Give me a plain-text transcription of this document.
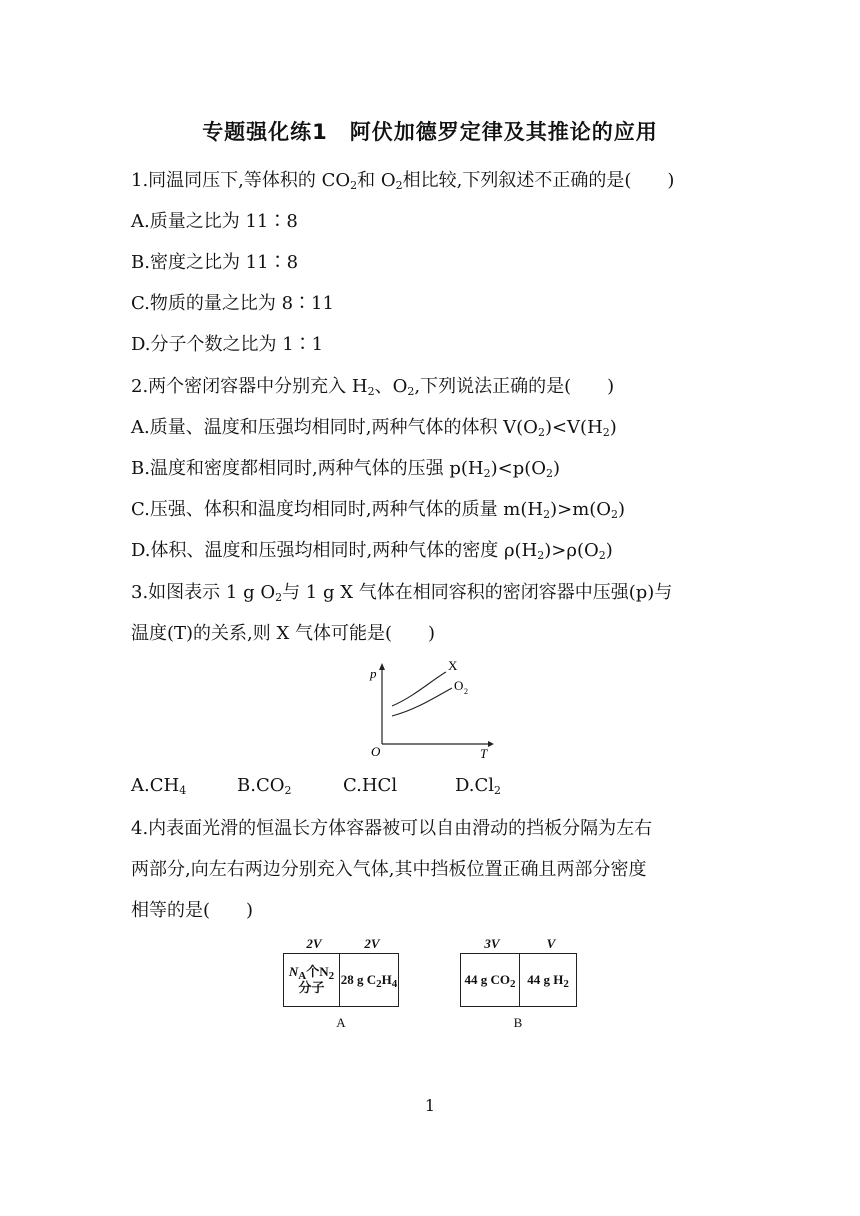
专题强化练1　阿伏加德罗定律及其推论的应用
1.同温同压下,等体积的 $CO_2$和 $O_2$相比较,下列叙述不正确的是(　　)
A.质量之比为 11∶8
B.密度之比为 11∶8
C.物质的量之比为 8∶11
D.分子个数之比为 1∶1
2.两个密闭容器中分别充入 $H_2$、$O_2$,下列说法正确的是(　　)
A.质量、温度和压强均相同时,两种气体的体积 $V(O_2)<V(H_2)$
B.温度和密度都相同时,两种气体的压强 $p(H_2)<p(O_2)$
C.压强、体积和温度均相同时,两种气体的质量 $m(H_2)>m(O_2)$
D.体积、温度和压强均相同时,两种气体的密度 $\rho(H_2)>\rho(O_2)$
3.如图表示 1 g $O_2$与 1 g X 气体在相同容积的密闭容器中压强(p)与
温度(T)的关系,则 X 气体可能是(　　)
p
T
O
X
O 2
$A.CH_4$	$B.CO_2$	C.HCl	$D.Cl_2$
4.内表面光滑的恒温长方体容器被可以自由滑动的挡板分隔为左右
两部分,向左右两边分别充入气体,其中挡板位置正确且两部分密度
相等的是(　　)
2V	2V
$N_A$个$N_2$
分子
28 g $C_2H_4$
A
3V	V
44 g $CO_2$ 44 g $H_2$
B
1
